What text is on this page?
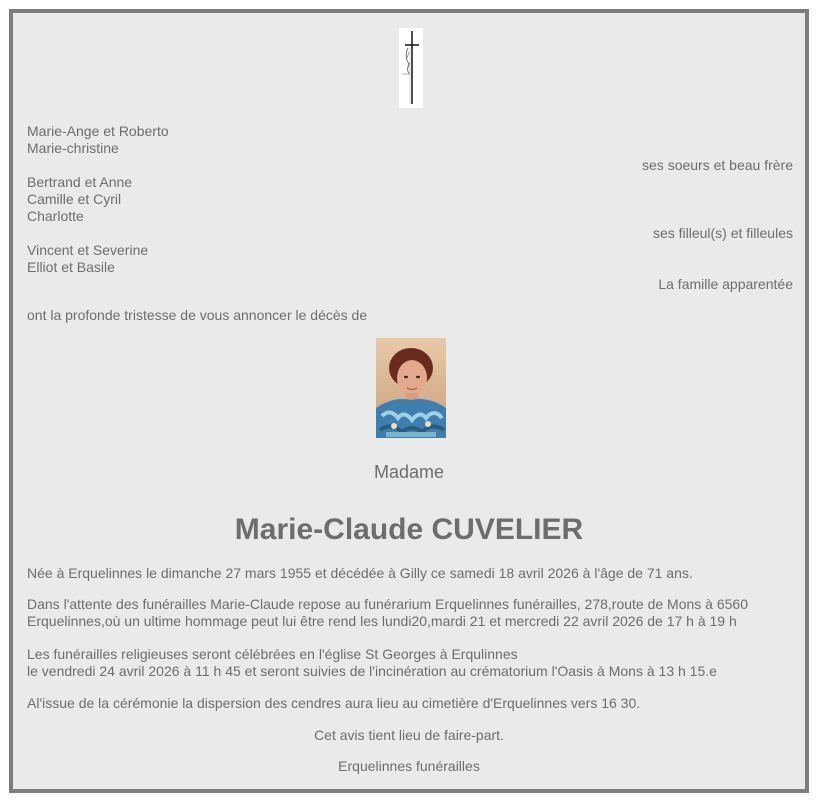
Marie-Ange et Roberto
Marie-christine
ses soeurs et beau frère
Bertrand et Anne
Camille et Cyril
Charlotte
ses filleul(s) et filleules
Vincent et Severine
Elliot et Basile
La famille apparentée
ont la profonde tristesse de vous annoncer le décès de
Madame
Marie-Claude CUVELIER
Née à Erquelinnes le dimanche 27 mars 1955 et décédée à Gilly ce samedi 18 avril 2026 à l'âge de 71 ans.
Dans l'attente des funérailles Marie-Claude repose au funérarium Erquelinnes funérailles, 278,route de Mons à 6560
Erquelinnes,où un ultime hommage peut lui être rend les lundi20,mardi 21 et mercredi 22 avril 2026 de 17 h à 19 h
Les funérailles religieuses seront célébrées en l'église St Georges à Erqulinnes
le vendredi 24 avril 2026 à 11 h 45 et seront suivies de l'incinération au crématorium l'Oasis à Mons à 13 h 15.e
Al'issue de la cérémonie la dispersion des cendres aura lieu au cimetière d'Erquelinnes vers 16 30.
Cet avis tient lieu de faire-part.
Erquelinnes funérailles
